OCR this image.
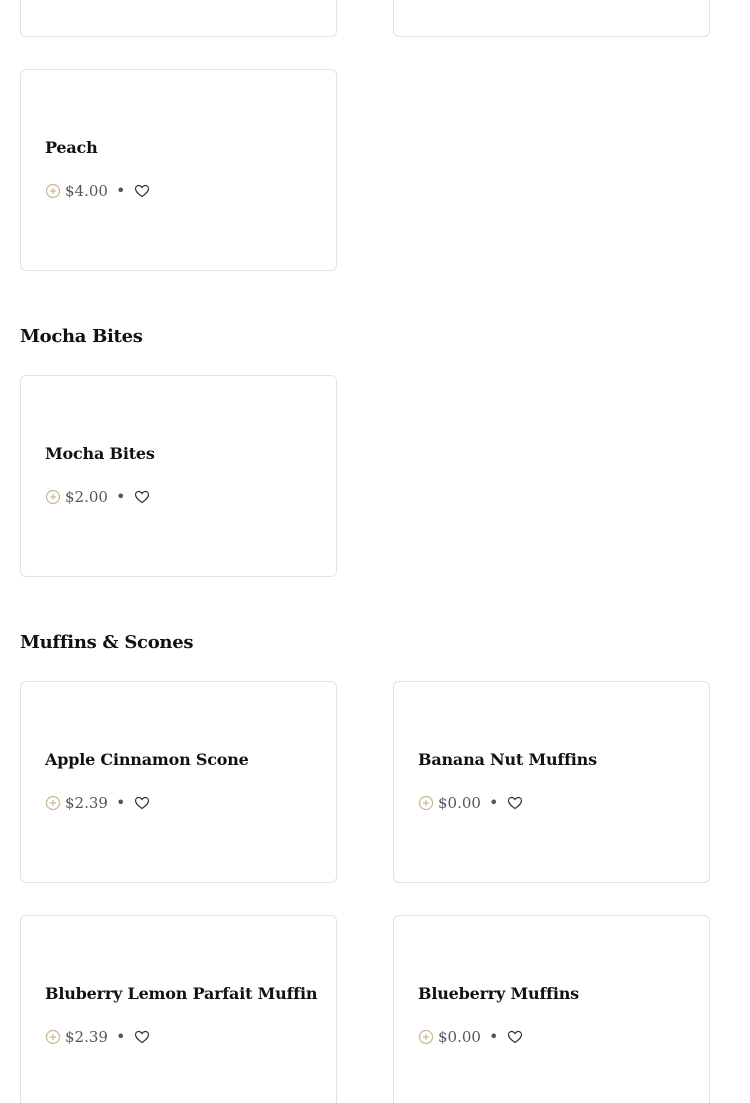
Peach
$4.00 •
Mocha Bites
Mocha Bites
$2.00 •
Muffins & Scones
Apple Cinnamon Scone
$2.39 •
Banana Nut Muffins
$0.00 •
Bluberry Lemon Parfait Muffin
$2.39 •
Blueberry Muffins
$0.00 •
